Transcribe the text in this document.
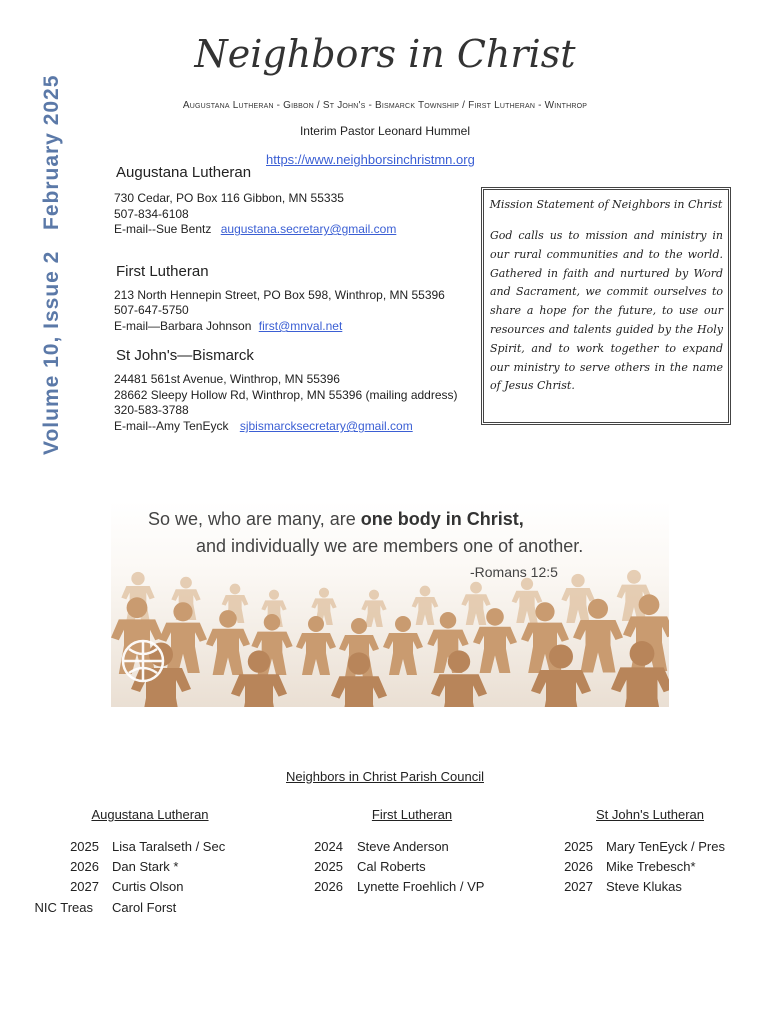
February 2025
Volume 10, Issue 2
Neighbors in Christ
Augustana Lutheran - Gibbon / St John's - Bismarck Township / First Lutheran - Winthrop
Interim Pastor Leonard Hummel
https://www.neighborsinchristmn.org
Augustana Lutheran
730 Cedar, PO Box 116 Gibbon, MN 55335
507-834-6108
E-mail--Sue Bentz augustana.secretary@gmail.com
First Lutheran
213 North Hennepin Street, PO Box 598, Winthrop, MN 55396
507-647-5750
E-mail—Barbara Johnson first@mnval.net
St John's—Bismarck
24481 561st Avenue, Winthrop, MN 55396
28662 Sleepy Hollow Rd, Winthrop, MN 55396 (mailing address)
320-583-3788
E-mail--Amy TenEyck sjbismarcksecretary@gmail.com
Mission Statement of Neighbors in Christ
God calls us to mission and ministry in our rural communities and to the world. Gathered in faith and nurtured by Word and Sacrament, we commit ourselves to share a hope for the future, to use our resources and talents guided by the Holy Spirit, and to work together to expand our ministry to serve others in the name of Jesus Christ.
So we, who are many, are one body in Christ,
and individually we are members one of another.
-Romans 12:5
Neighbors in Christ Parish Council
Augustana Lutheran	First Lutheran	St John's Lutheran
2025 Lisa Taralseth / Sec
2026 Dan Stark *
2027 Curtis Olson
NIC Treas Carol Forst
2024 Steve Anderson
2025 Cal Roberts
2026 Lynette Froehlich / VP
2025 Mary TenEyck / Pres
2026 Mike Trebesch*
2027 Steve Klukas
